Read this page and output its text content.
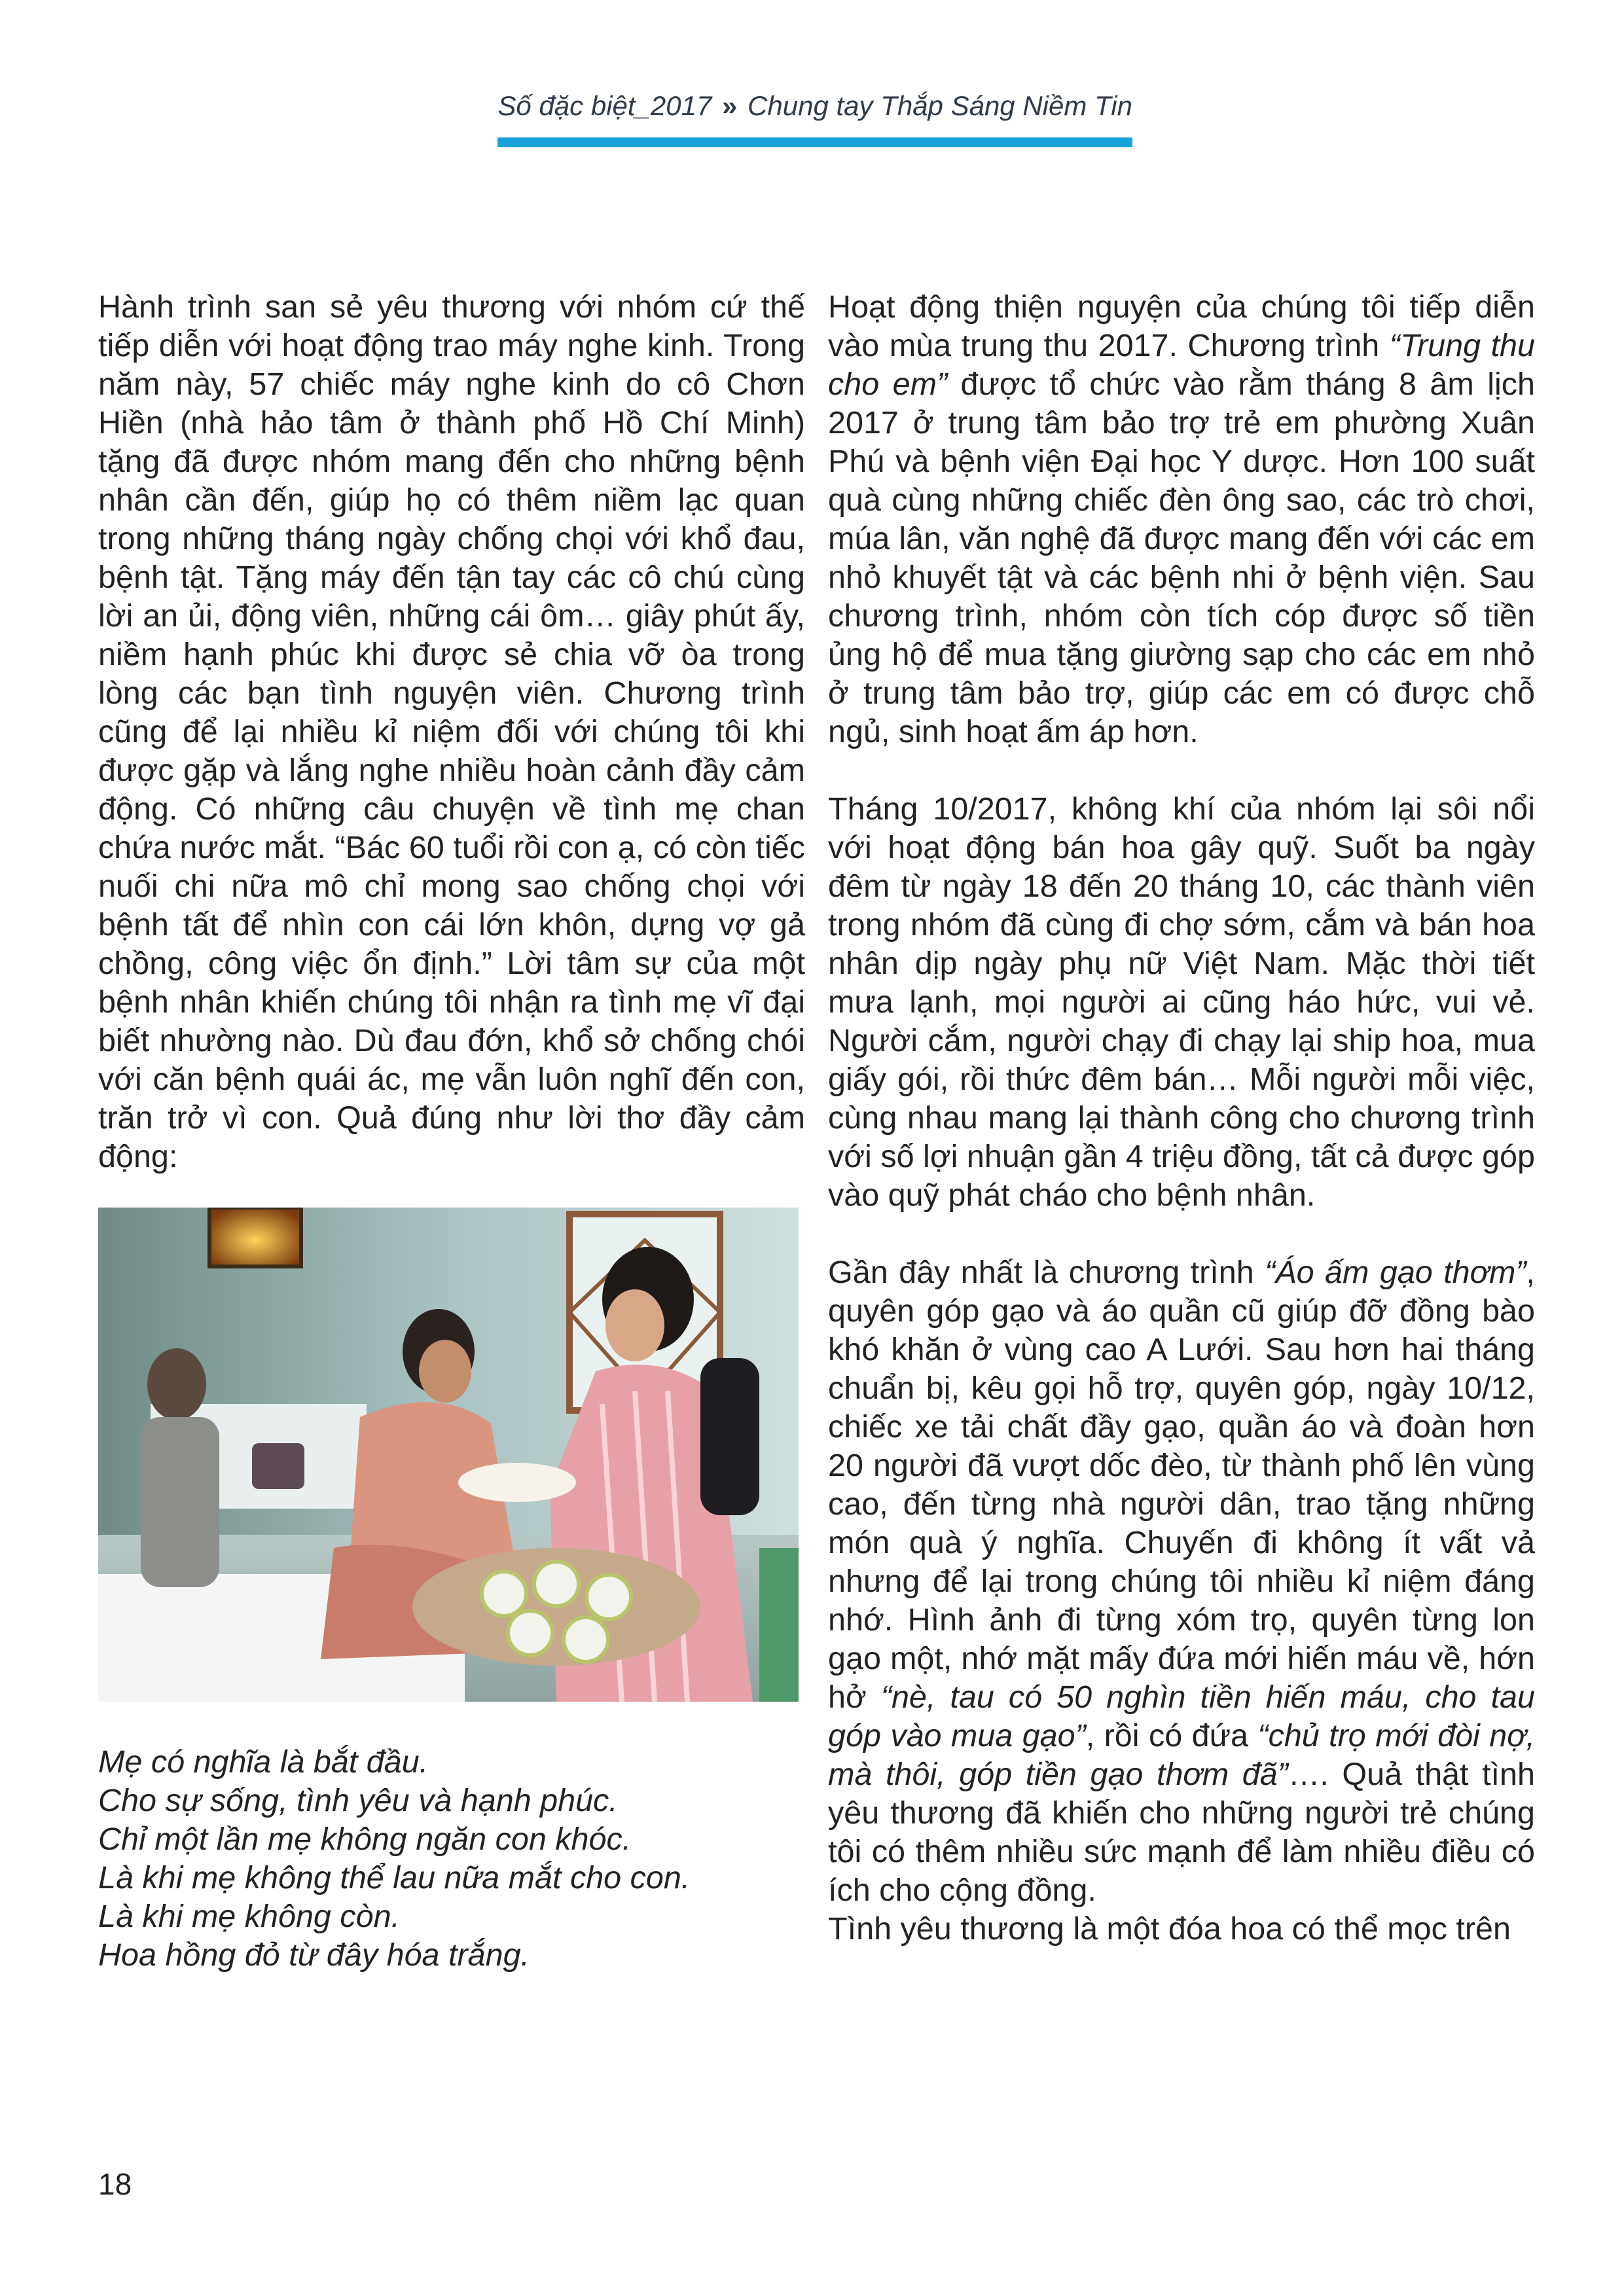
Số đặc biệt_2017 » Chung tay Thắp Sáng Niềm Tin

Hành trình san sẻ yêu thương với nhóm cứ thế tiếp diễn với hoạt động trao máy nghe kinh. Trong năm này, 57 chiếc máy nghe kinh do cô Chơn Hiền (nhà hảo tâm ở thành phố Hồ Chí Minh) tặng đã được nhóm mang đến cho những bệnh nhân cần đến, giúp họ có thêm niềm lạc quan trong những tháng ngày chống chọi với khổ đau, bệnh tật. Tặng máy đến tận tay các cô chú cùng lời an ủi, động viên, những cái ôm… giây phút ấy, niềm hạnh phúc khi được sẻ chia vỡ òa trong lòng các bạn tình nguyện viên. Chương trình cũng để lại nhiều kỉ niệm đối với chúng tôi khi được gặp và lắng nghe nhiều hoàn cảnh đầy cảm động. Có những câu chuyện về tình mẹ chan chứa nước mắt. “Bác 60 tuổi rồi con ạ, có còn tiếc nuối chi nữa mô chỉ mong sao chống chọi với bệnh tất để nhìn con cái lớn khôn, dựng vợ gả chồng, công việc ổn định.” Lời tâm sự của một bệnh nhân khiến chúng tôi nhận ra tình mẹ vĩ đại biết nhường nào. Dù đau đớn, khổ sở chống chói với căn bệnh quái ác, mẹ vẫn luôn nghĩ đến con, trăn trở vì con. Quả đúng như lời thơ đầy cảm động:

Mẹ có nghĩa là bắt đầu.
Cho sự sống, tình yêu và hạnh phúc.
Chỉ một lần mẹ không ngăn con khóc.
Là khi mẹ không thể lau nữa mắt cho con.
Là khi mẹ không còn.
Hoa hồng đỏ từ đây hóa trắng.

Hoạt động thiện nguyện của chúng tôi tiếp diễn vào mùa trung thu 2017. Chương trình “Trung thu cho em” được tổ chức vào rằm tháng 8 âm lịch 2017 ở trung tâm bảo trợ trẻ em phường Xuân Phú và bệnh viện Đại học Y dược. Hơn 100 suất quà cùng những chiếc đèn ông sao, các trò chơi, múa lân, văn nghệ đã được mang đến với các em nhỏ khuyết tật và các bệnh nhi ở bệnh viện. Sau chương trình, nhóm còn tích cóp được số tiền ủng hộ để mua tặng giường sạp cho các em nhỏ ở trung tâm bảo trợ, giúp các em có được chỗ ngủ, sinh hoạt ấm áp hơn.

Tháng 10/2017, không khí của nhóm lại sôi nổi với hoạt động bán hoa gây quỹ. Suốt ba ngày đêm từ ngày 18 đến 20 tháng 10, các thành viên trong nhóm đã cùng đi chợ sớm, cắm và bán hoa nhân dịp ngày phụ nữ Việt Nam. Mặc thời tiết mưa lạnh, mọi người ai cũng háo hức, vui vẻ. Người cắm, người chạy đi chạy lại ship hoa, mua giấy gói, rồi thức đêm bán… Mỗi người mỗi việc, cùng nhau mang lại thành công cho chương trình với số lợi nhuận gần 4 triệu đồng, tất cả được góp vào quỹ phát cháo cho bệnh nhân.

Gần đây nhất là chương trình “Áo ấm gạo thơm”, quyên góp gạo và áo quần cũ giúp đỡ đồng bào khó khăn ở vùng cao A Lưới. Sau hơn hai tháng chuẩn bị, kêu gọi hỗ trợ, quyên góp, ngày 10/12, chiếc xe tải chất đầy gạo, quần áo và đoàn hơn 20 người đã vượt dốc đèo, từ thành phố lên vùng cao, đến từng nhà người dân, trao tặng những món quà ý nghĩa. Chuyến đi không ít vất vả nhưng để lại trong chúng tôi nhiều kỉ niệm đáng nhớ. Hình ảnh đi từng xóm trọ, quyên từng lon gạo một, nhớ mặt mấy đứa mới hiến máu về, hớn hở “nè, tau có 50 nghìn tiền hiến máu, cho tau góp vào mua gạo”, rồi có đứa “chủ trọ mới đòi nợ, mà thôi, góp tiền gạo thơm đã”…. Quả thật tình yêu thương đã khiến cho những người trẻ chúng tôi có thêm nhiều sức mạnh để làm nhiều điều có ích cho cộng đồng.

Tình yêu thương là một đóa hoa có thể mọc trên

18
